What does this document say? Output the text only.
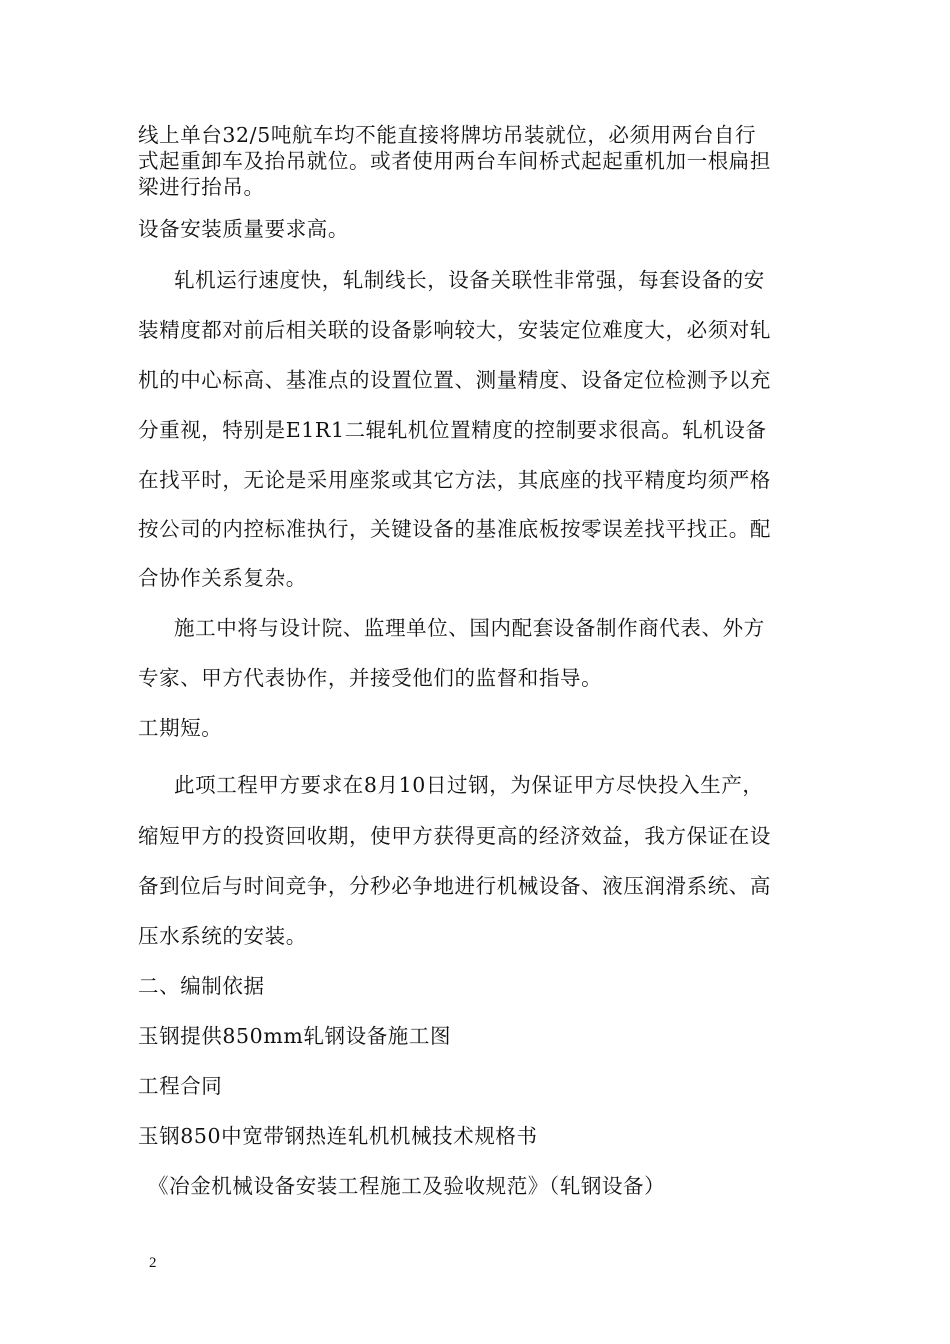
线上单台32/5吨航车均不能直接将牌坊吊装就位，必须用两台自行
式起重卸车及抬吊就位。或者使用两台车间桥式起起重机加一根扁担
梁进行抬吊。
设备安装质量要求高。
轧机运行速度快，轧制线长，设备关联性非常强，每套设备的安
装精度都对前后相关联的设备影响较大，安装定位难度大，必须对轧
机的中心标高、基准点的设置位置、测量精度、设备定位检测予以充
分重视，特别是E1R1二辊轧机位置精度的控制要求很高。轧机设备
在找平时，无论是采用座浆或其它方法，其底座的找平精度均须严格
按公司的内控标准执行，关键设备的基准底板按零误差找平找正。配
合协作关系复杂。
施工中将与设计院、监理单位、国内配套设备制作商代表、外方
专家、甲方代表协作，并接受他们的监督和指导。
工期短。
此项工程甲方要求在8月10日过钢，为保证甲方尽快投入生产，
缩短甲方的投资回收期，使甲方获得更高的经济效益，我方保证在设
备到位后与时间竞争，分秒必争地进行机械设备、液压润滑系统、高
压水系统的安装。
二、编制依据
玉钢提供850mm轧钢设备施工图
工程合同
玉钢850中宽带钢热连轧机机械技术规格书
《冶金机械设备安装工程施工及验收规范》（轧钢设备）
2
